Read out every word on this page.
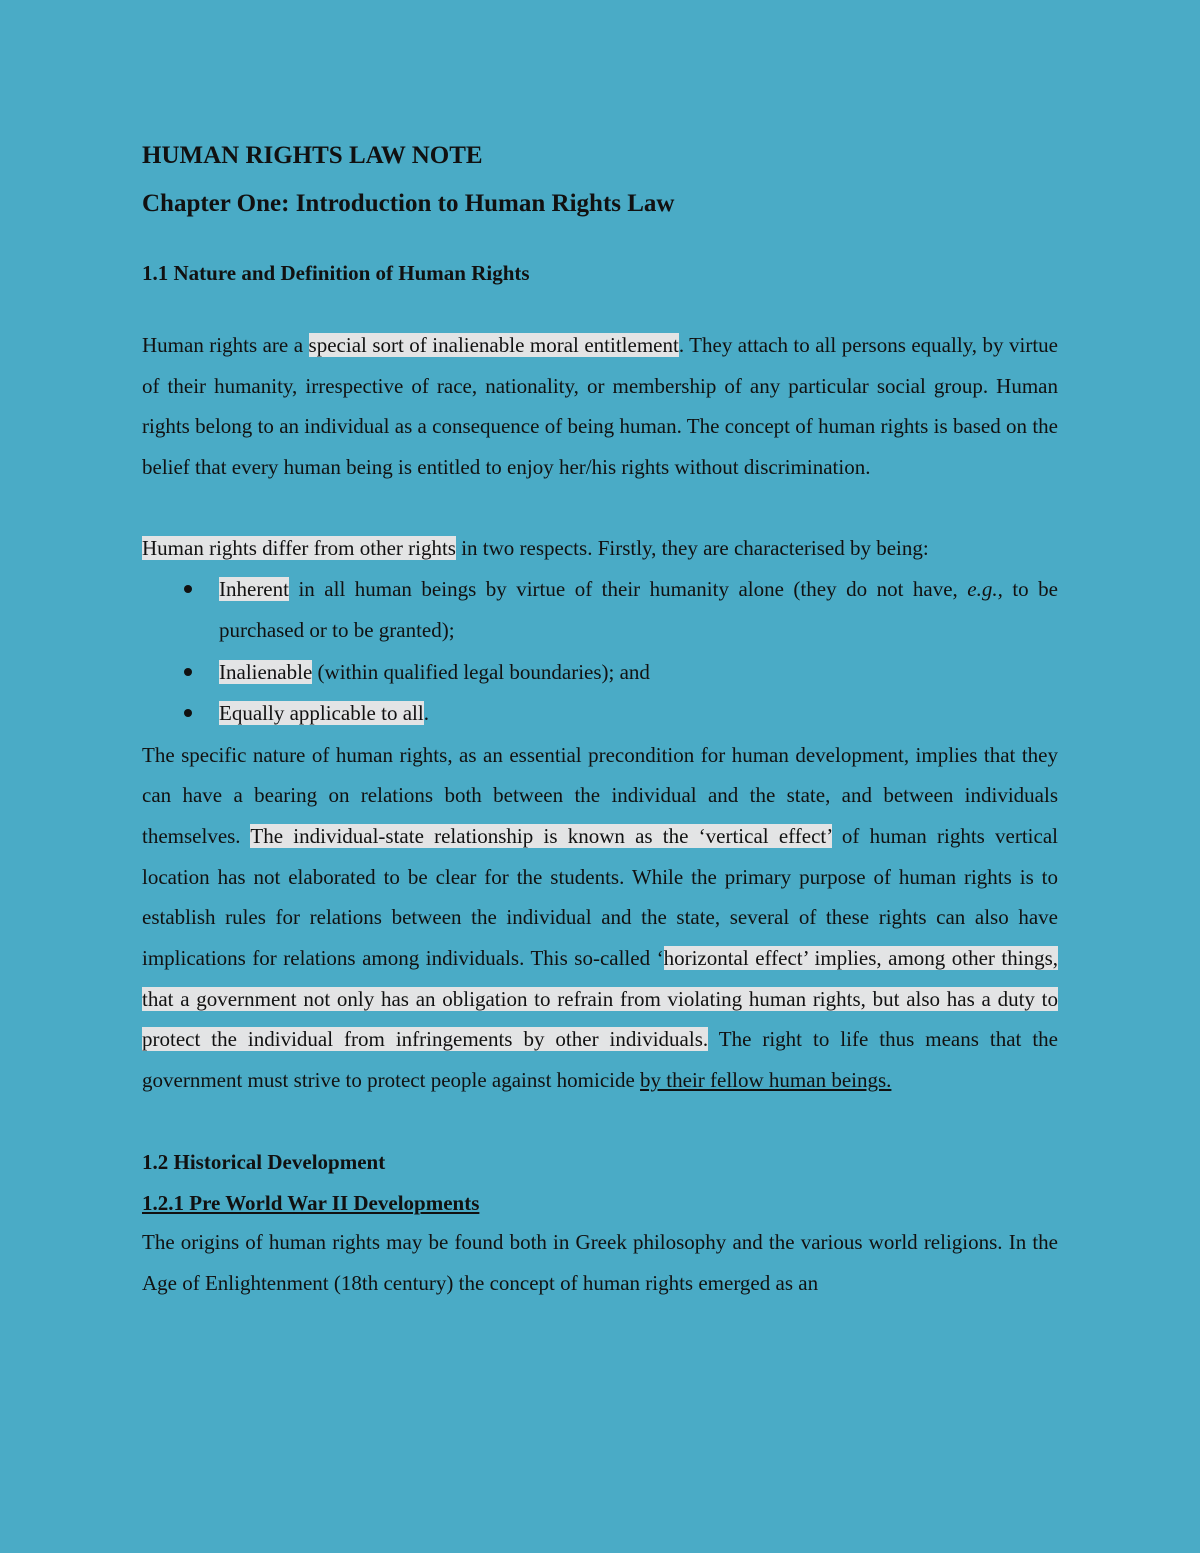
HUMAN RIGHTS LAW NOTE
Chapter One: Introduction to Human Rights Law
1.1 Nature and Definition of Human Rights

Human rights are a special sort of inalienable moral entitlement. They attach to all persons equally, by virtue of their humanity, irrespective of race, nationality, or membership of any particular social group. Human rights belong to an individual as a consequence of being human. The concept of human rights is based on the belief that every human being is entitled to enjoy her/his rights without discrimination.

Human rights differ from other rights in two respects. Firstly, they are characterised by being:

Inherent in all human beings by virtue of their humanity alone (they do not have, e.g., to be purchased or to be granted);
Inalienable (within qualified legal boundaries); and
Equally applicable to all.

The specific nature of human rights, as an essential precondition for human development, implies that they can have a bearing on relations both between the individual and the state, and between individuals themselves. The individual-state relationship is known as the ‘vertical effect’ of human rights vertical location has not elaborated to be clear for the students. While the primary purpose of human rights is to establish rules for relations between the individual and the state, several of these rights can also have implications for relations among individuals. This so-called ‘horizontal effect’ implies, among other things, that a government not only has an obligation to refrain from violating human rights, but also has a duty to protect the individual from infringements by other individuals. The right to life thus means that the government must strive to protect people against homicide by their fellow human beings.

1.2 Historical Development
1.2.1 Pre World War II Developments

The origins of human rights may be found both in Greek philosophy and the various world religions. In the Age of Enlightenment (18th century) the concept of human rights emerged as an
